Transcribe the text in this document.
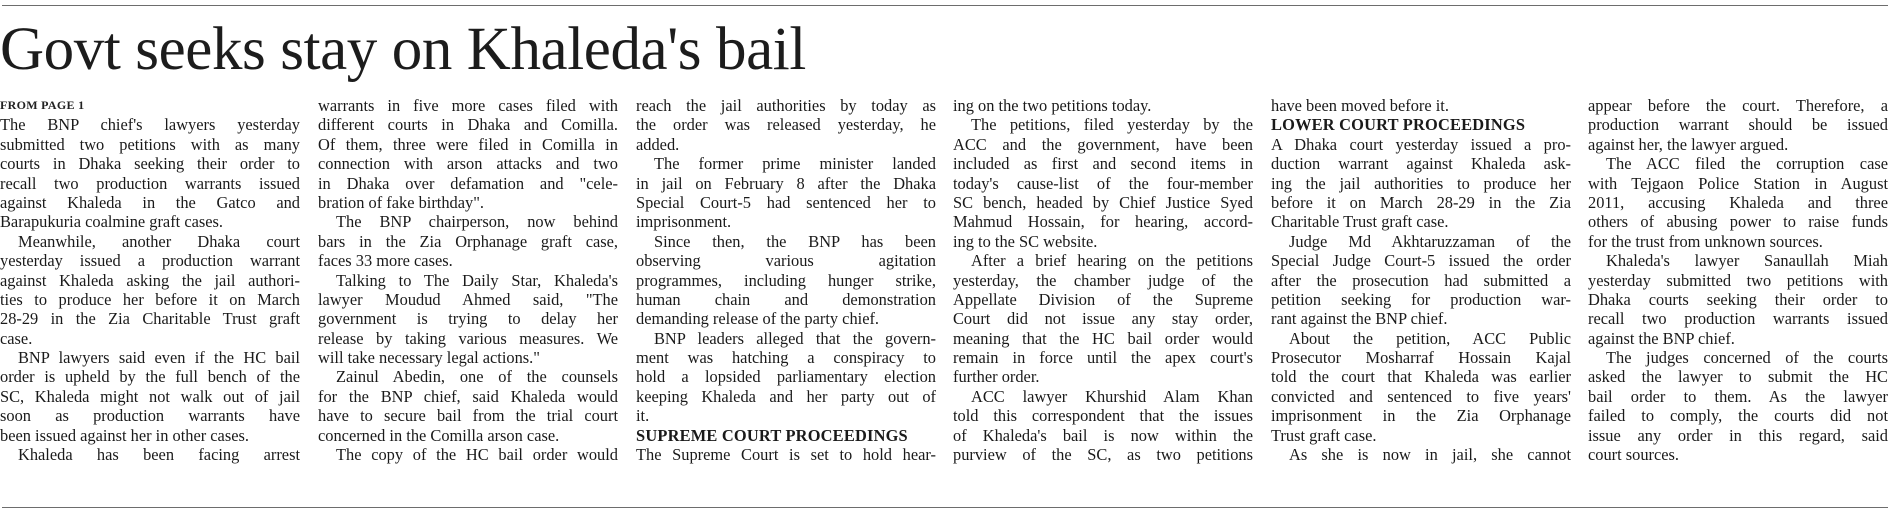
Govt seeks stay on Khaleda's bail
FROM PAGE 1
The BNP chief's lawyers yesterday
submitted two petitions with as many
courts in Dhaka seeking their order to
recall two production warrants issued
against Khaleda in the Gatco and
Barapukuria coalmine graft cases.
Meanwhile, another Dhaka court
yesterday issued a production warrant
against Khaleda asking the jail authori-
ties to produce her before it on March
28-29 in the Zia Charitable Trust graft
case.
BNP lawyers said even if the HC bail
order is upheld by the full bench of the
SC, Khaleda might not walk out of jail
soon as production warrants have
been issued against her in other cases.
Khaleda has been facing arrest
warrants in five more cases filed with
different courts in Dhaka and Comilla.
Of them, three were filed in Comilla in
connection with arson attacks and two
in Dhaka over defamation and "cele-
bration of fake birthday".
The BNP chairperson, now behind
bars in the Zia Orphanage graft case,
faces 33 more cases.
Talking to The Daily Star, Khaleda's
lawyer Moudud Ahmed said, "The
government is trying to delay her
release by taking various measures. We
will take necessary legal actions."
Zainul Abedin, one of the counsels
for the BNP chief, said Khaleda would
have to secure bail from the trial court
concerned in the Comilla arson case.
The copy of the HC bail order would
reach the jail authorities by today as
the order was released yesterday, he
added.
The former prime minister landed
in jail on February 8 after the Dhaka
Special Court-5 had sentenced her to
imprisonment.
Since then, the BNP has been
observing various agitation
programmes, including hunger strike,
human chain and demonstration
demanding release of the party chief.
BNP leaders alleged that the govern-
ment was hatching a conspiracy to
hold a lopsided parliamentary election
keeping Khaleda and her party out of
it.
SUPREME COURT PROCEEDINGS
The Supreme Court is set to hold hear-
ing on the two petitions today.
The petitions, filed yesterday by the
ACC and the government, have been
included as first and second items in
today's cause-list of the four-member
SC bench, headed by Chief Justice Syed
Mahmud Hossain, for hearing, accord-
ing to the SC website.
After a brief hearing on the petitions
yesterday, the chamber judge of the
Appellate Division of the Supreme
Court did not issue any stay order,
meaning that the HC bail order would
remain in force until the apex court's
further order.
ACC lawyer Khurshid Alam Khan
told this correspondent that the issues
of Khaleda's bail is now within the
purview of the SC, as two petitions
have been moved before it.
LOWER COURT PROCEEDINGS
A Dhaka court yesterday issued a pro-
duction warrant against Khaleda ask-
ing the jail authorities to produce her
before it on March 28-29 in the Zia
Charitable Trust graft case.
Judge Md Akhtaruzzaman of the
Special Judge Court-5 issued the order
after the prosecution had submitted a
petition seeking for production war-
rant against the BNP chief.
About the petition, ACC Public
Prosecutor Mosharraf Hossain Kajal
told the court that Khaleda was earlier
convicted and sentenced to five years'
imprisonment in the Zia Orphanage
Trust graft case.
As she is now in jail, she cannot
appear before the court. Therefore, a
production warrant should be issued
against her, the lawyer argued.
The ACC filed the corruption case
with Tejgaon Police Station in August
2011, accusing Khaleda and three
others of abusing power to raise funds
for the trust from unknown sources.
Khaleda's lawyer Sanaullah Miah
yesterday submitted two petitions with
Dhaka courts seeking their order to
recall two production warrants issued
against the BNP chief.
The judges concerned of the courts
asked the lawyer to submit the HC
bail order to them. As the lawyer
failed to comply, the courts did not
issue any order in this regard, said
court sources.
